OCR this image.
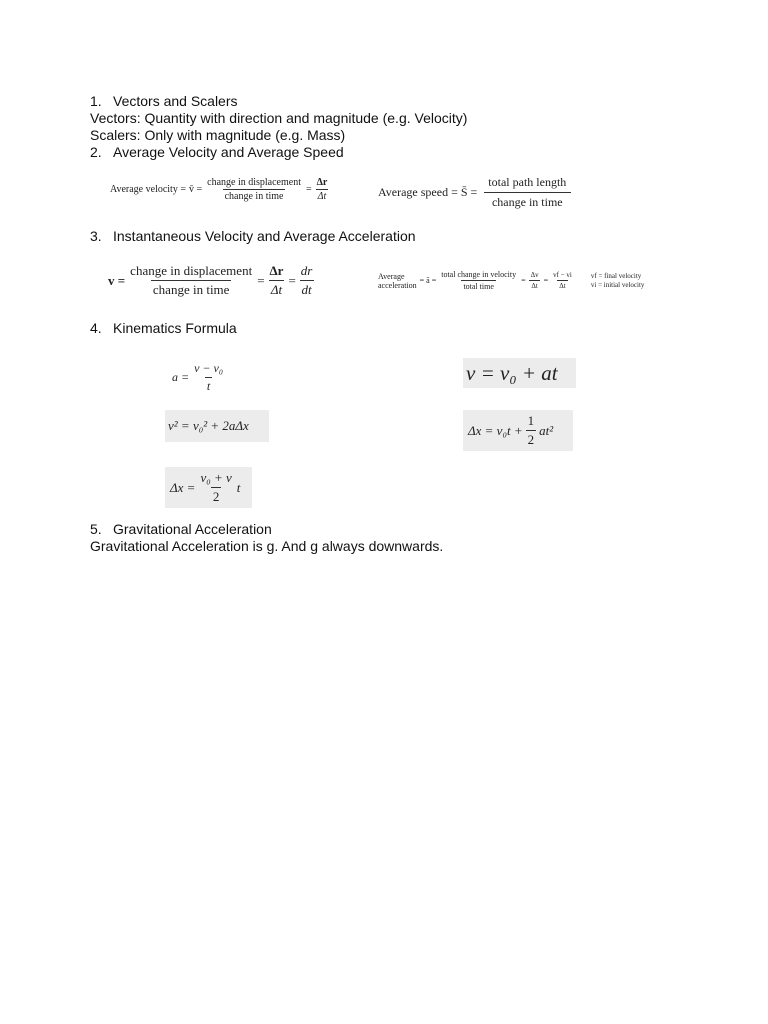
1. Vectors and Scalers
Vectors: Quantity with direction and magnitude (e.g. Velocity)
Scalers: Only with magnitude (e.g. Mass)
2. Average Velocity and Average Speed
Average velocity = v̄ =
change in displacement
change in time
= $\frac{\Delta r}{\Delta t}$	Average speed = S̄ =
total path length
change in time
3. Instantaneous Velocity and Average Acceleration
v =
change in displacement
change in time
= $\frac{\Delta r}{\Delta t} = \frac{dr}{dt}$	Average
acceleration = ā =
total change in velocity
total time
= $\frac{\Delta v}{\Delta t} = \frac{vf - vi}{\Delta t}$ vf = final velocity
vi = initial velocity
4. Kinematics Formula
$a = \frac{\text{v − v₀}}{t}$	v = v₀ + at
v² = v₀² + 2aΔx	$\Delta x = v_0t + \frac{1}{2} at^2$
$\Delta x = \frac{\text{v₀ + v}}{2}$ t
5. Gravitational Acceleration
Gravitational Acceleration is g. And g always downwards.
